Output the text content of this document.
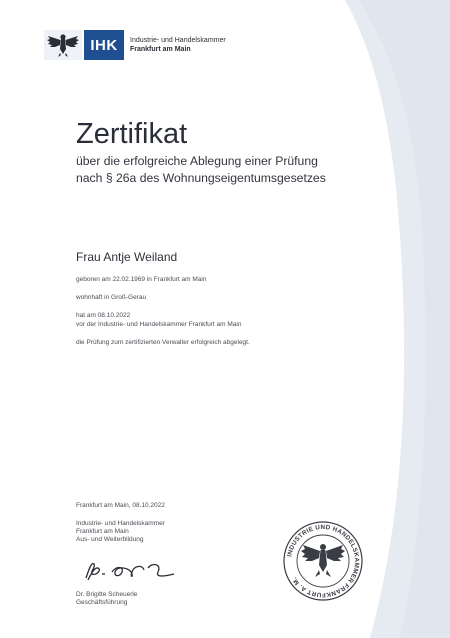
IHK	Industrie- und Handelskammer
Frankfurt am Main
Zertifikat
über die erfolgreiche Ablegung einer Prüfung
nach § 26a des Wohnungseigentumsgesetzes
Frau Antje Weiland
geboren am 22.02.1969 in Frankfurt am Main
wohnhaft in Groß-Gerau
hat am 08.10.2022
vor der Industrie- und Handelskammer Frankfurt am Main
die Prüfung zum zertifizierten Verwalter erfolgreich abgelegt.
Frankfurt am Main, 08.10.2022
Industrie- und Handelskammer
Frankfurt am Main
Aus- und Weiterbildung
Dr. Brigitte Scheuerle
Geschäftsführung
INDUSTRIE UND HANDELSKAMMER FRANKFURT A. M.
